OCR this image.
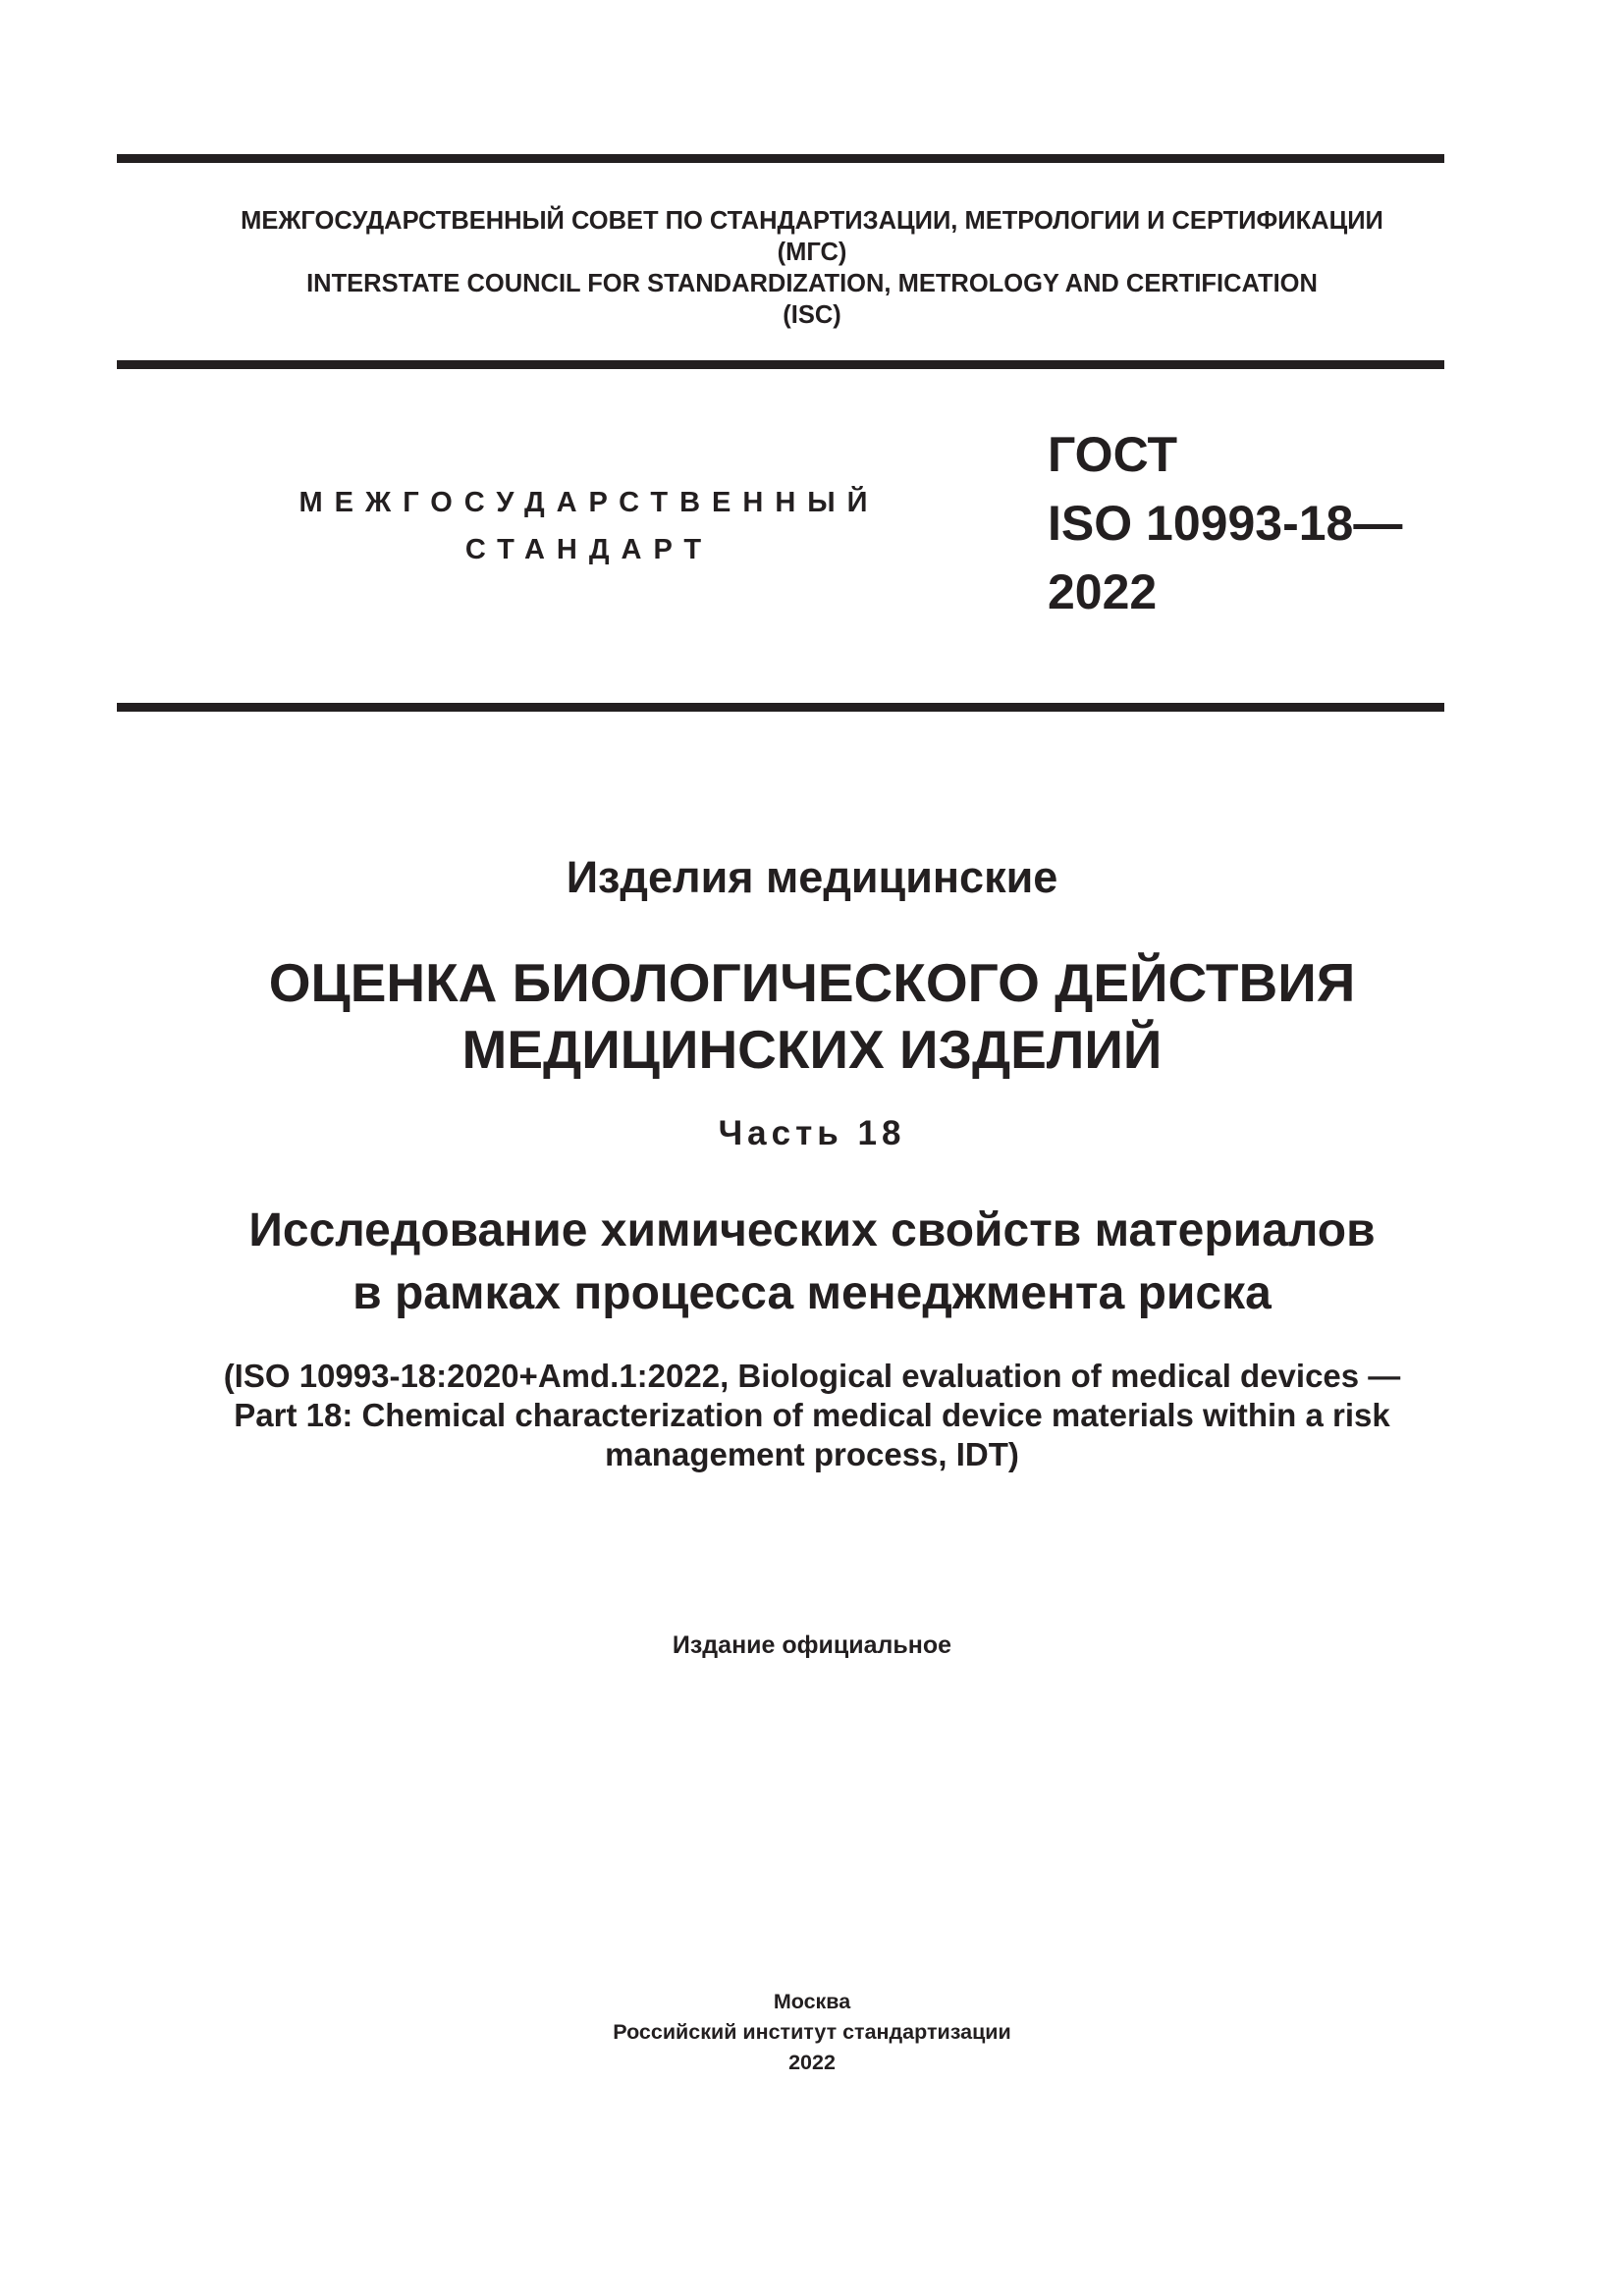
МЕЖГОСУДАРСТВЕННЫЙ СОВЕТ ПО СТАНДАРТИЗАЦИИ, МЕТРОЛОГИИ И СЕРТИФИКАЦИИ
(МГС)
INTERSTATE COUNCIL FOR STANDARDIZATION, METROLOGY AND CERTIFICATION
(ISC)
МЕЖГОСУДАРСТВЕННЫЙ
СТАНДАРТ
ГОСТ
ISO 10993-18—
2022
Изделия медицинские
ОЦЕНКА БИОЛОГИЧЕСКОГО ДЕЙСТВИЯ
МЕДИЦИНСКИХ ИЗДЕЛИЙ
Часть 18
Исследование химических свойств материалов
в рамках процесса менеджмента риска
(ISO 10993-18:2020+Amd.1:2022, Biological evaluation of medical devices —
Part 18: Chemical characterization of medical device materials within a risk
management process, IDT)
Издание официальное
Москва
Российский институт стандартизации
2022
